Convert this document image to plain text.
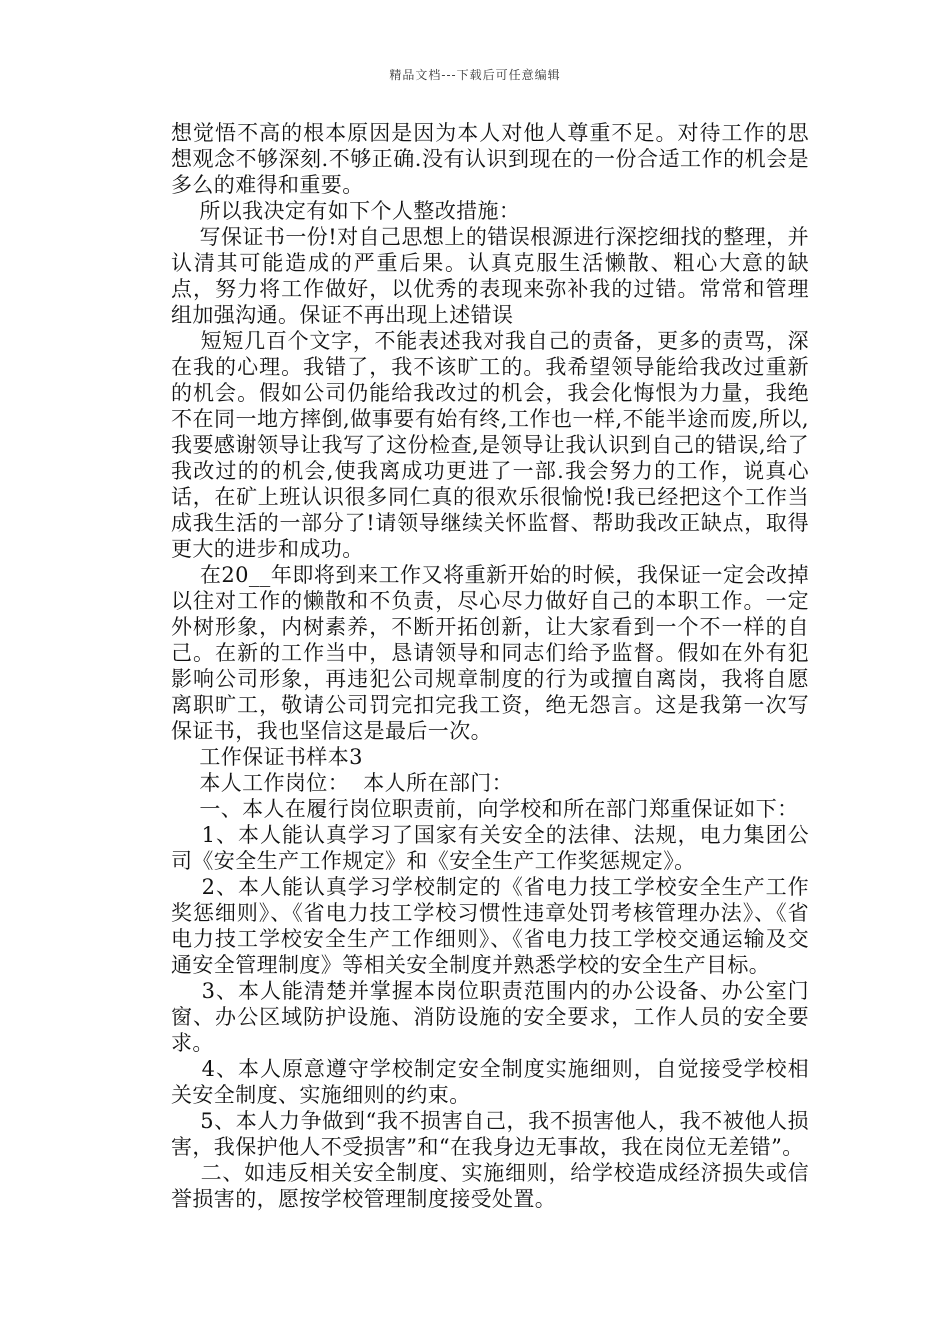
精品文档---下载后可任意编辑

想觉悟不高的根本原因是因为本人对他人尊重不足。对待工作的思想观念不够深刻.不够正确.没有认识到现在的一份合适工作的机会是多么的难得和重要。

所以我决定有如下个人整改措施：

写保证书一份!对自己思想上的错误根源进行深挖细找的整理，并认清其可能造成的严重后果。认真克服生活懒散、粗心大意的缺点，努力将工作做好，以优秀的表现来弥补我的过错。常常和管理组加强沟通。保证不再出现上述错误

短短几百个文字，不能表述我对我自己的责备，更多的责骂，深在我的心理。我错了，我不该旷工的。我希望领导能给我改过重新的机会。假如公司仍能给我改过的机会，我会化悔恨为力量，我绝不在同一地方摔倒,做事要有始有终,工作也一样,不能半途而废,所以,我要感谢领导让我写了这份检查,是领导让我认识到自己的错误,给了我改过的的机会,使我离成功更进了一部.我会努力的工作，说真心话，在矿上班认识很多同仁真的很欢乐很愉悦!我已经把这个工作当成我生活的一部分了!请领导继续关怀监督、帮助我改正缺点，取得更大的进步和成功。

在20__年即将到来工作又将重新开始的时候，我保证一定会改掉以往对工作的懒散和不负责，尽心尽力做好自己的本职工作。一定外树形象，内树素养，不断开拓创新，让大家看到一个不一样的自己。在新的工作当中，恳请领导和同志们给予监督。假如在外有犯影响公司形象，再违犯公司规章制度的行为或擅自离岗，我将自愿离职旷工，敬请公司罚完扣完我工资，绝无怨言。这是我第一次写保证书，我也坚信这是最后一次。

工作保证书样本3

本人工作岗位：  本人所在部门：

一、本人在履行岗位职责前，向学校和所在部门郑重保证如下：

1、本人能认真学习了国家有关安全的法律、法规，电力集团公司《安全生产工作规定》和《安全生产工作奖惩规定》。

2、本人能认真学习学校制定的《省电力技工学校安全生产工作奖惩细则》、《省电力技工学校习惯性违章处罚考核管理办法》、《省电力技工学校安全生产工作细则》、《省电力技工学校交通运输及交通安全管理制度》等相关安全制度并熟悉学校的安全生产目标。

3、本人能清楚并掌握本岗位职责范围内的办公设备、办公室门窗、办公区域防护设施、消防设施的安全要求，工作人员的安全要求。

4、本人原意遵守学校制定安全制度实施细则，自觉接受学校相关安全制度、实施细则的约束。

5、本人力争做到“我不损害自己，我不损害他人，我不被他人损害，我保护他人不受损害”和“在我身边无事故，我在岗位无差错”。

二、如违反相关安全制度、实施细则，给学校造成经济损失或信誉损害的，愿按学校管理制度接受处置。
